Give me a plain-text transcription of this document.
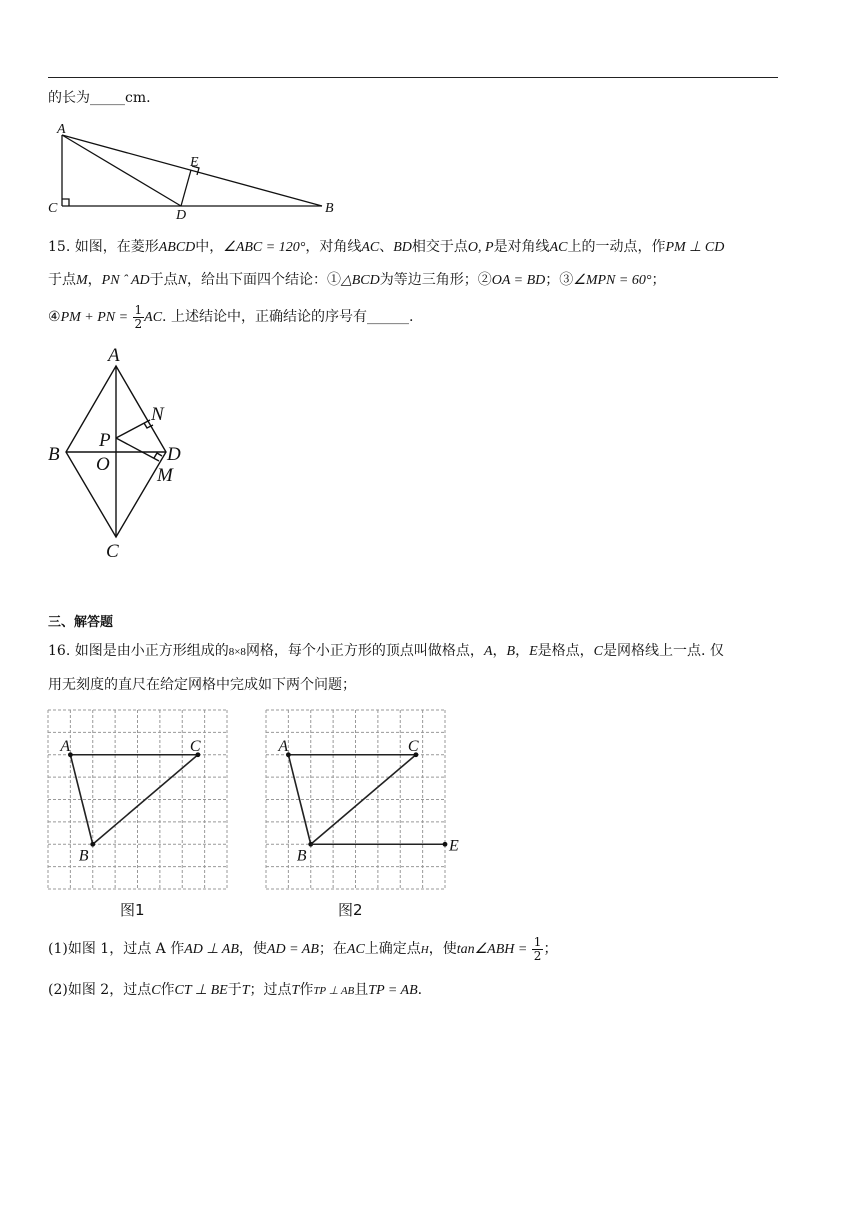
的长为_____cm.
A
C	D
E
B
15. 如图，在菱形ABCD中，∠ABC = 120°，对角线AC、BD相交于点O, P是对角线AC上的一动点，作PM ⊥ CD
于点M，PN ˆ AD于点N，给出下面四个结论：①△BCD为等边三角形；②OA = BD；③∠MPN = 60°；
④PM + PN = $\frac{1}{2}$ AC. 上述结论中，正确结论的序号有______.
A
B
C
D
N
P
O
M
三、解答题
16. 如图是由小正方形组成的8×8网格，每个小正方形的顶点叫做格点，A，B，E是格点，C是网格线上一点. 仅
用无刻度的直尺在给定网格中完成如下两个问题；
A	C
B
A	C
B
E
图1	图2
(1)如图 1，过点 A 作AD ⊥ AB，使AD = AB；在AC上确定点H，使tan∠ABH = $\frac{1}{2}$ ；
(2)如图 2，过点C作CT ⊥ BE于T；过点T作TP ⊥ AB且TP = AB.
